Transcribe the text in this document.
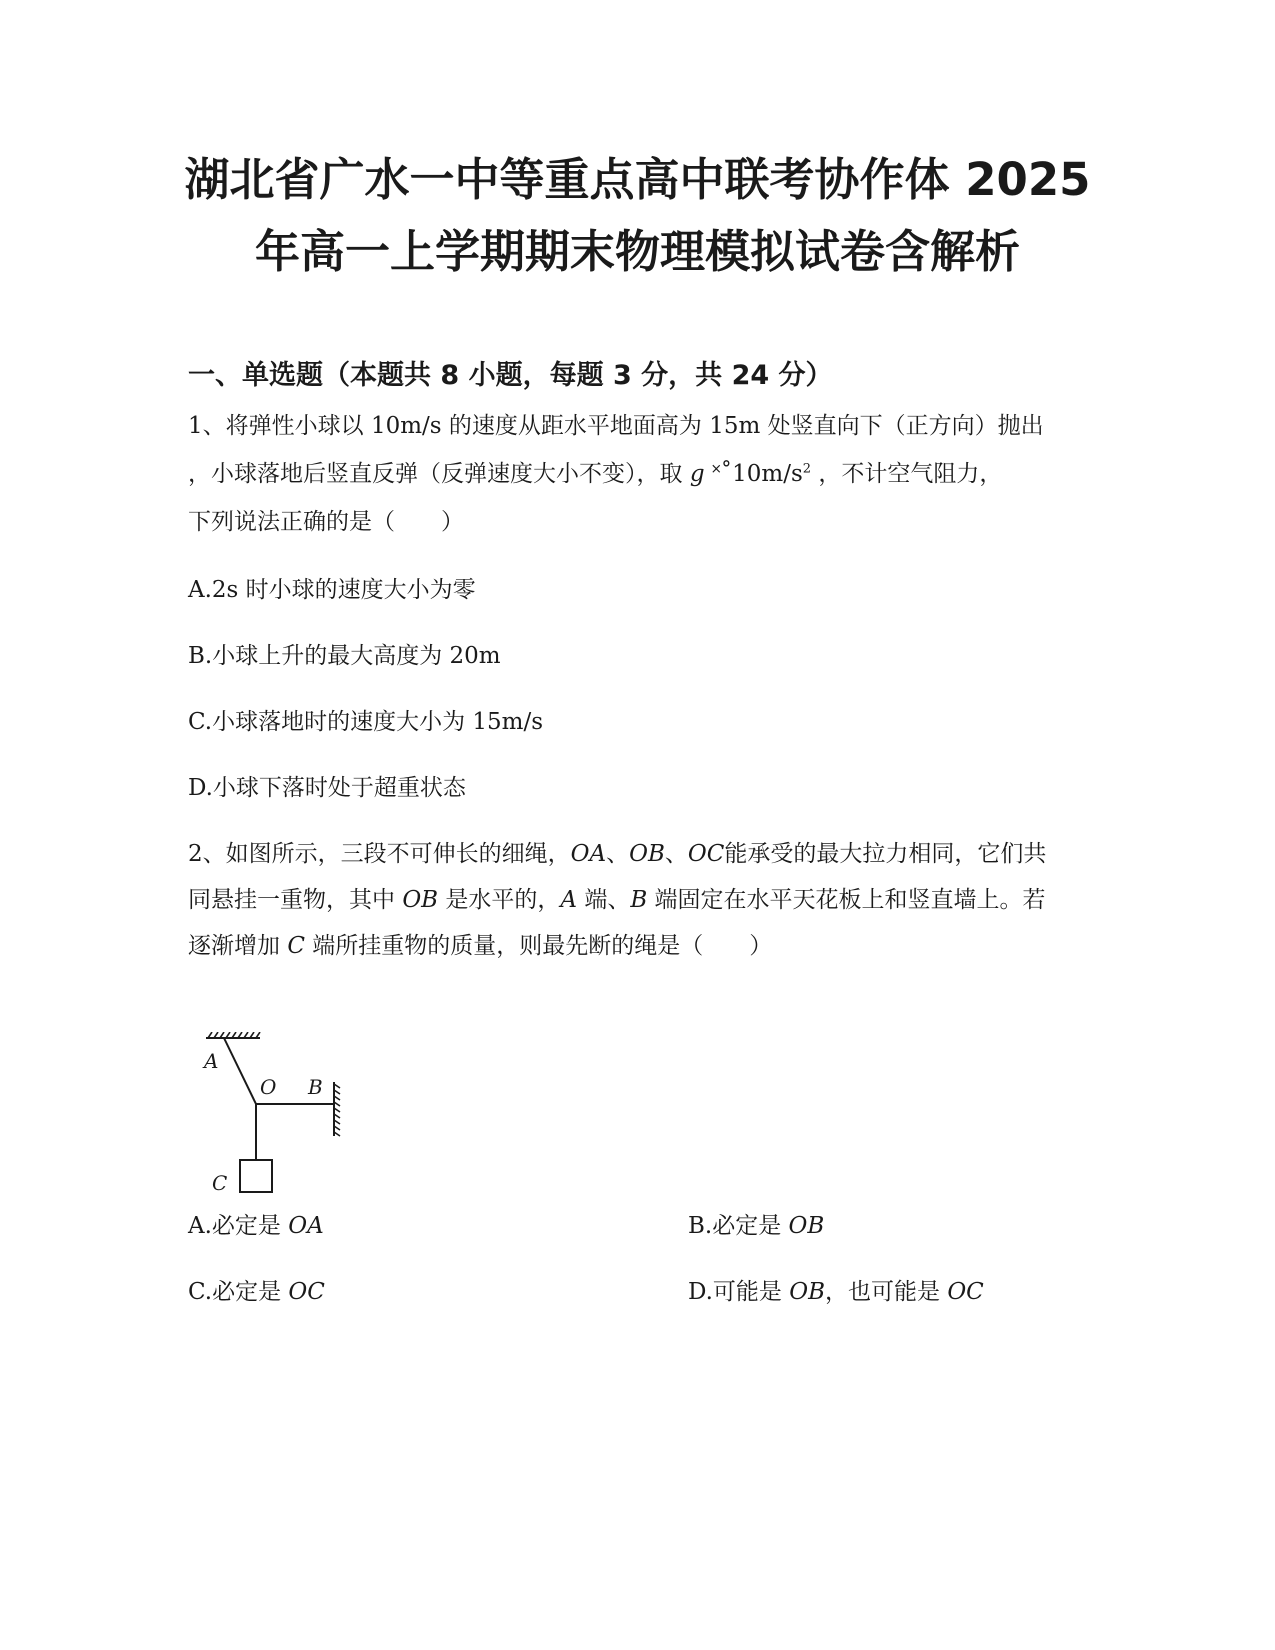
湖北省广水一中等重点高中联考协作体 2025
年高一上学期期末物理模拟试卷含解析
一、单选题（本题共 8 小题，每题 3 分，共 24 分）
1、将弹性小球以 10m/s 的速度从距水平地面高为 15m 处竖直向下（正方向）抛出
，小球落地后竖直反弹（反弹速度大小不变），取 g $˟˚10m/s^2$ ，不计空气阻力，
下列说法正确的是（　　）
A.2s 时小球的速度大小为零
B.小球上升的最大高度为 20m
C.小球落地时的速度大小为 15m/s
D.小球下落时处于超重状态
2、如图所示，三段不可伸长的细绳，OA、OB、OC能承受的最大拉力相同，它们共
同悬挂一重物，其中 OB 是水平的，A 端、B 端固定在水平天花板上和竖直墙上。若
逐渐增加 C 端所挂重物的质量，则最先断的绳是（　　）
A
O B
C
A.必定是 OA	B.必定是 OB
C.必定是 OC	D.可能是 OB，也可能是 OC
